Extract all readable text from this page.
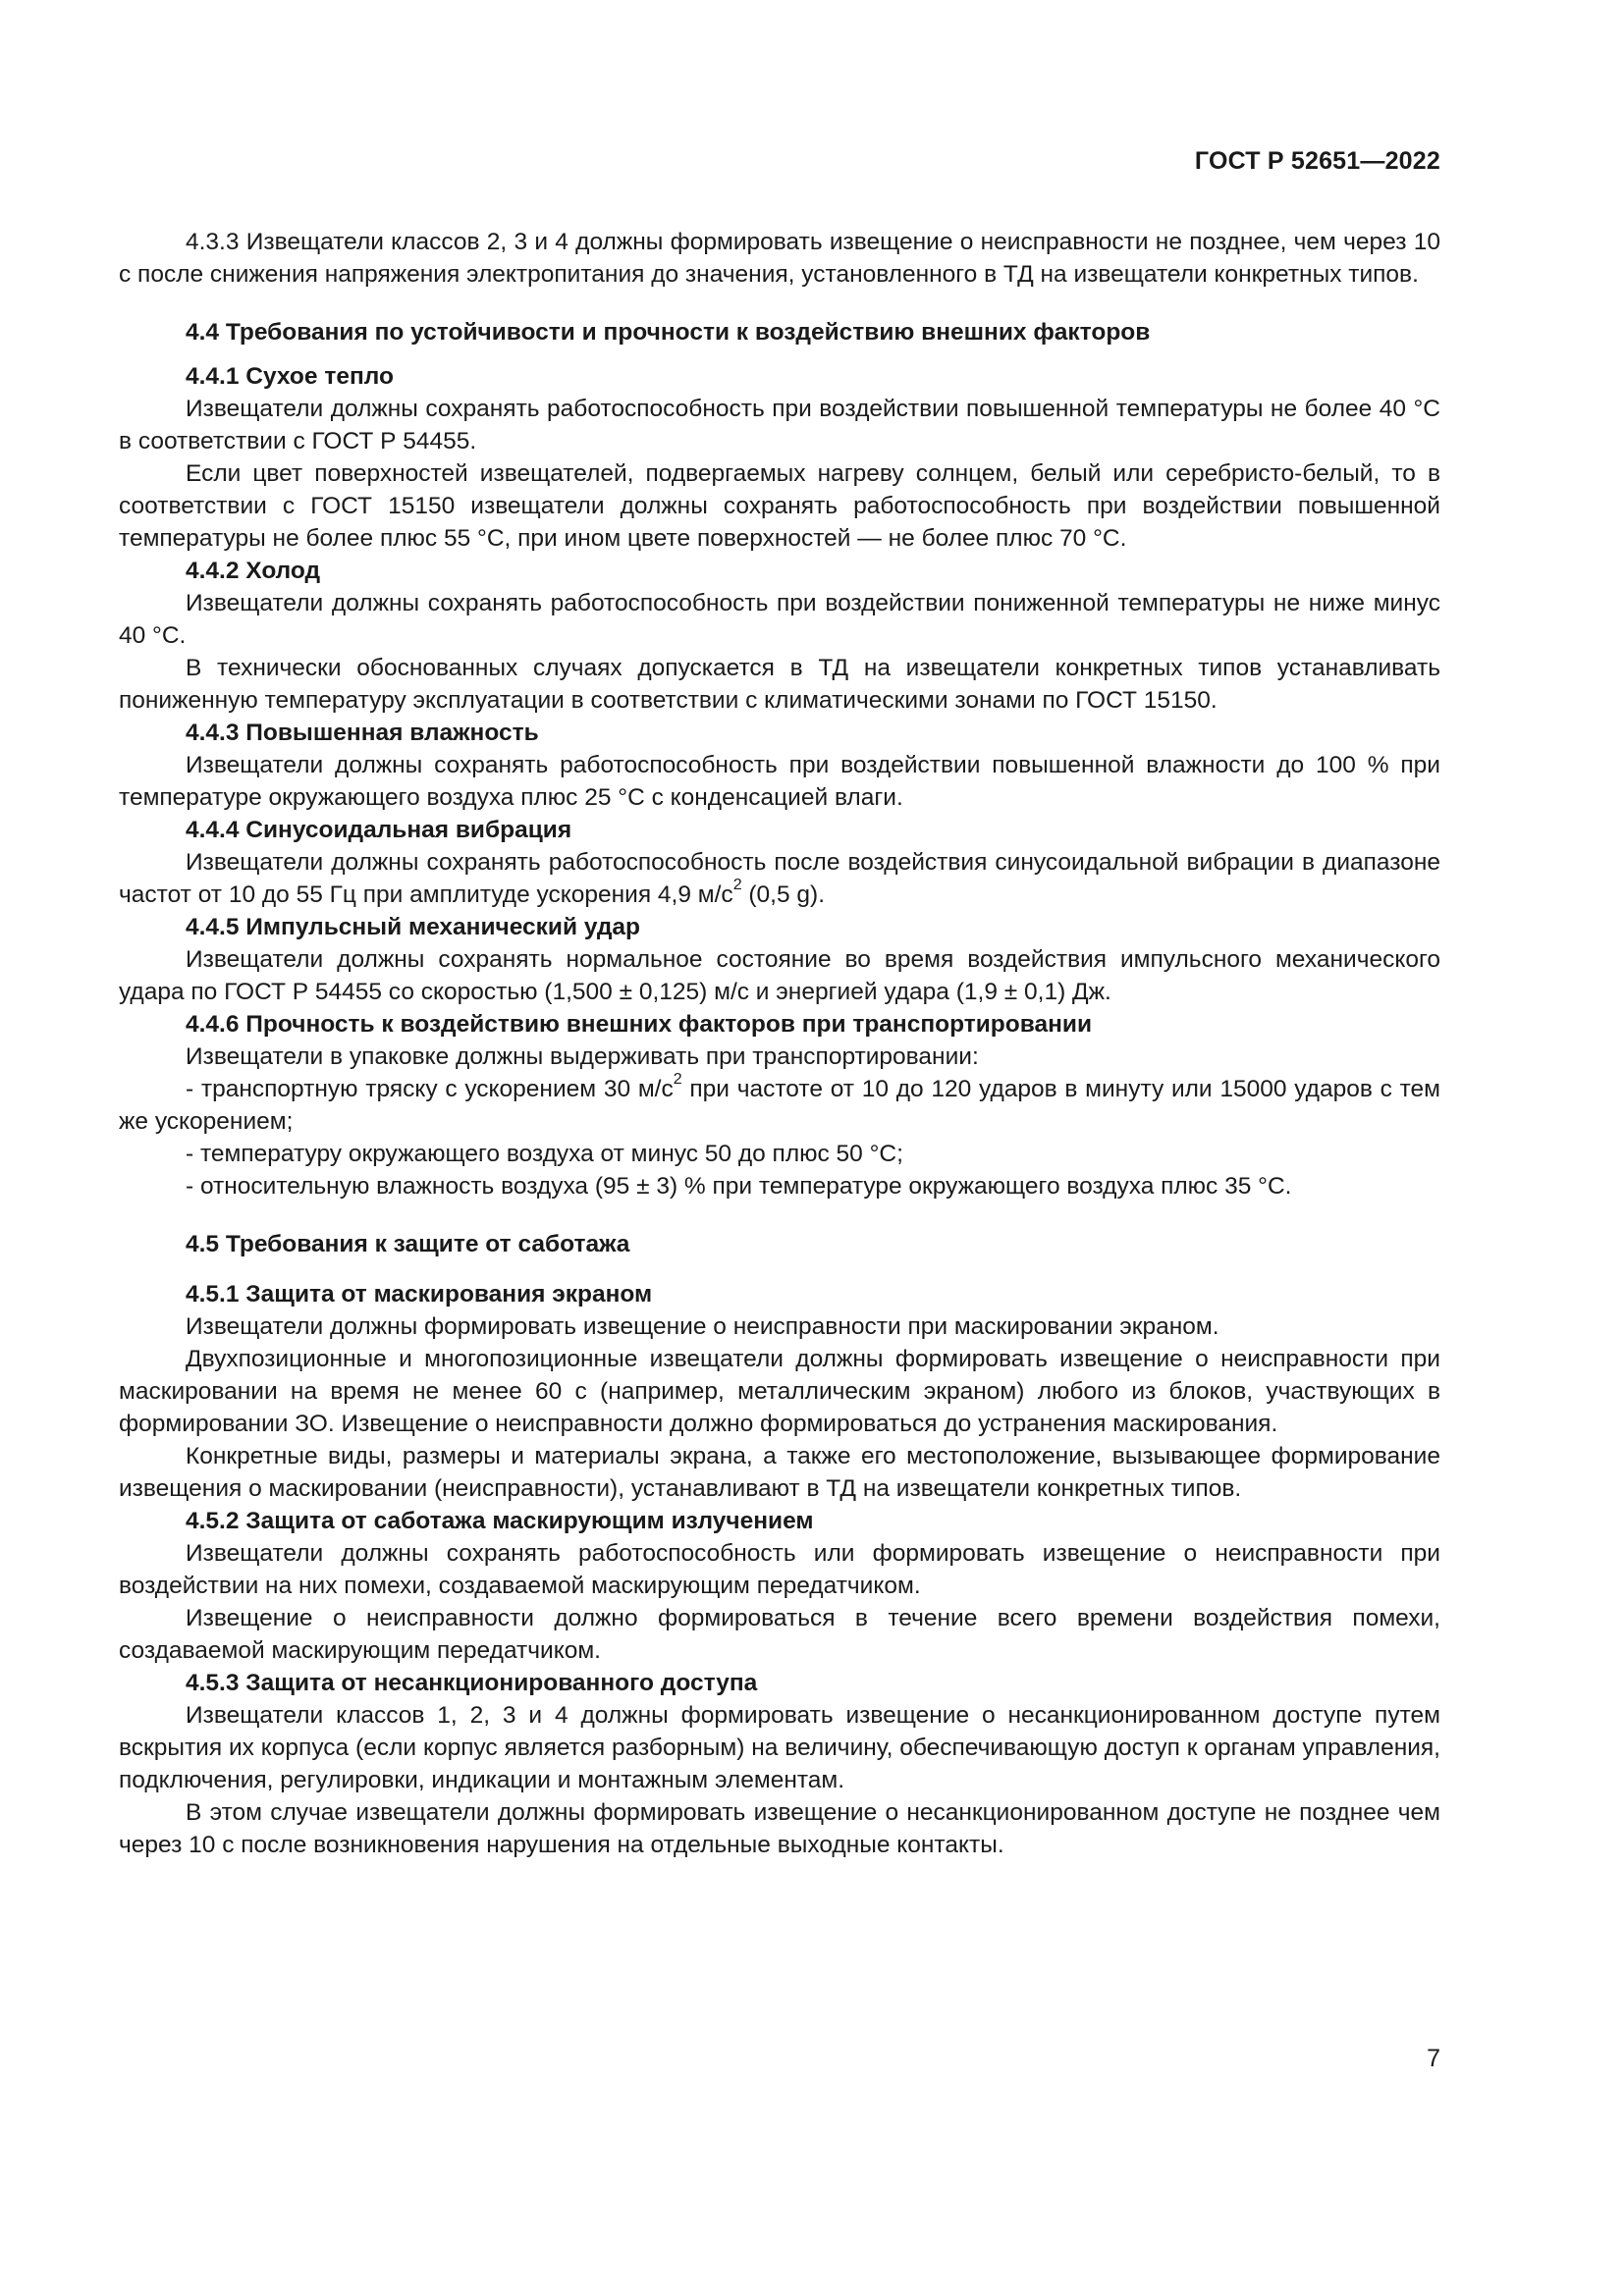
ГОСТ Р 52651—2022

4.3.3 Извещатели классов 2, 3 и 4 должны формировать извещение о неисправности не позднее, чем через 10 с после снижения напряжения электропитания до значения, установленного в ТД на извещатели конкретных типов.

4.4 Требования по устойчивости и прочности к воздействию внешних факторов

4.4.1 Сухое тепло

Извещатели должны сохранять работоспособность при воздействии повышенной температуры не более 40 °С в соответствии с ГОСТ Р 54455.

Если цвет поверхностей извещателей, подвергаемых нагреву солнцем, белый или серебристо-белый, то в соответствии с ГОСТ 15150 извещатели должны сохранять работоспособность при воздействии повышенной температуры не более плюс 55 °С, при ином цвете поверхностей — не более плюс 70 °С.

4.4.2 Холод

Извещатели должны сохранять работоспособность при воздействии пониженной температуры не ниже минус 40 °С.

В технически обоснованных случаях допускается в ТД на извещатели конкретных типов устанавливать пониженную температуру эксплуатации в соответствии с климатическими зонами по ГОСТ 15150.

4.4.3 Повышенная влажность

Извещатели должны сохранять работоспособность при воздействии повышенной влажности до 100 % при температуре окружающего воздуха плюс 25 °С с конденсацией влаги.

4.4.4 Синусоидальная вибрация

Извещатели должны сохранять работоспособность после воздействия синусоидальной вибрации в диапазоне частот от 10 до 55 Гц при амплитуде ускорения 4,9 $м/с^2$ (0,5 g).

4.4.5 Импульсный механический удар

Извещатели должны сохранять нормальное состояние во время воздействия импульсного механического удара по ГОСТ Р 54455 со скоростью (1,500 ± 0,125) м/с и энергией удара (1,9 ± 0,1) Дж.

4.4.6 Прочность к воздействию внешних факторов при транспортировании

Извещатели в упаковке должны выдерживать при транспортировании:

- транспортную тряску с ускорением 30 $м/с^2$ при частоте от 10 до 120 ударов в минуту или 15000 ударов с тем же ускорением;

- температуру окружающего воздуха от минус 50 до плюс 50 °С;

- относительную влажность воздуха (95 ± 3) % при температуре окружающего воздуха плюс 35 °С.

4.5 Требования к защите от саботажа

4.5.1 Защита от маскирования экраном

Извещатели должны формировать извещение о неисправности при маскировании экраном.

Двухпозиционные и многопозиционные извещатели должны формировать извещение о неисправности при маскировании на время не менее 60 с (например, металлическим экраном) любого из блоков, участвующих в формировании ЗО. Извещение о неисправности должно формироваться до устранения маскирования.

Конкретные виды, размеры и материалы экрана, а также его местоположение, вызывающее формирование извещения о маскировании (неисправности), устанавливают в ТД на извещатели конкретных типов.

4.5.2 Защита от саботажа маскирующим излучением

Извещатели должны сохранять работоспособность или формировать извещение о неисправности при воздействии на них помехи, создаваемой маскирующим передатчиком.

Извещение о неисправности должно формироваться в течение всего времени воздействия помехи, создаваемой маскирующим передатчиком.

4.5.3 Защита от несанкционированного доступа

Извещатели классов 1, 2, 3 и 4 должны формировать извещение о несанкционированном доступе путем вскрытия их корпуса (если корпус является разборным) на величину, обеспечивающую доступ к органам управления, подключения, регулировки, индикации и монтажным элементам.

В этом случае извещатели должны формировать извещение о несанкционированном доступе не позднее чем через 10 с после возникновения нарушения на отдельные выходные контакты.

7
